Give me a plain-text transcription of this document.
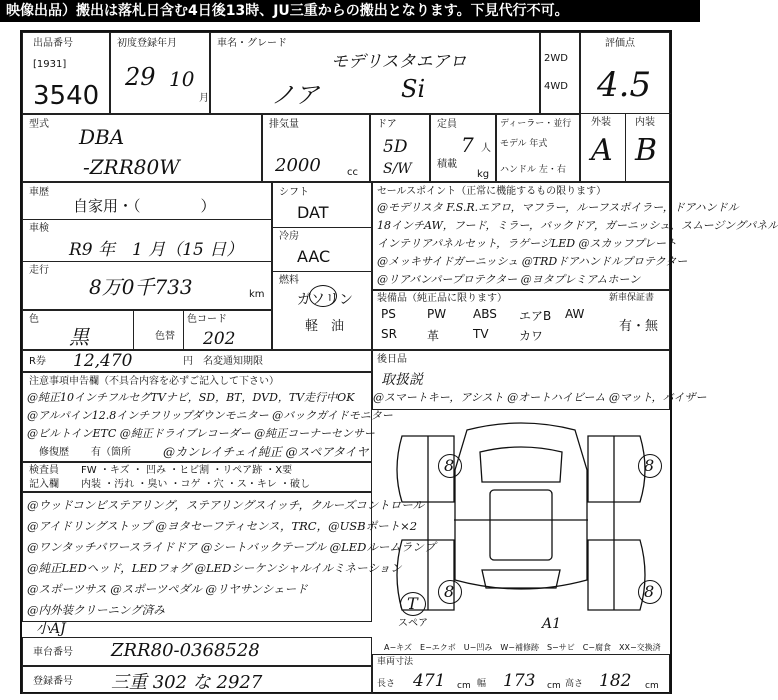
映像出品）搬出は落札日含む4日後13時、JU三重からの搬出となります。下見代行不可。
出品番号
[1931]
3540
初度登録年月
29 10
月
車名・グレード
モデリスタエアロ
ノア	Si
2WD
4WD
評価点
4.5
外装 内装
A B
型式
DBA
-ZRR80W
排気量
2000	cc
ドア
5D
S/W
定員
7 人
積載
kg
ディーラー・並行
モデル 年式
ハンドル 左・右
車歴
自家用・（　　　　）
車検
R9 年　1 月（15 日）
走行
8万0千733	km
色
黒	色替
色コード
202
シフト
DAT
冷房
AAC
燃料
ガソリン
軽　油
セールスポイント（正常に機能するもの限ります）
@モデリスタ F.S.R.エアロ，マフラー，ルーフスポイラー，ドアハンドル
18インチAW，フード，ミラー，バックドア，ガーニッシュ，スムージングパネル
インテリアパネルセット，ラゲージLED @スカッフプレート
@メッキサイドガーニッシュ @TRDドアハンドルプロテクター
@リアバンパープロテクター @ヨタプレミアムホーン
装備品（純正品に限ります）	新車保証書
有・無
PS	PW ABS エアB AW
SR	革	TV	カワ
R券 12,470	円 名変通知期限
注意事項申告欄（不具合内容を必ずご記入して下さい）
@純正10インチフルセグTVナビ，SD，BT，DVD，TV走行中OK
@アルパイン12.8インチフリップダウンモニター @バックガイドモニター
@ビルトインETC @純正ドライブレコーダー @純正コーナーセンサー
修復歴 有（箇所	@カンレイチェイ純正 @スペアタイヤ
後日品
取扱説
@スマートキー，アシスト @オートハイビーム @マット，バイザー
検査員
記入欄
FW ・キズ ・ 凹み ・ヒビ割 ・リペア跡 ・X要
内装 ・汚れ ・臭い ・コゲ ・穴 ・ス・キレ ・破し
@ウッドコンビステアリング，ステアリングスイッチ，クルーズコントロール
@アイドリングストップ @ヨタセーフティセンス，TRC，@USBポート×2
@ワンタッチパワースライドドア @シートバックテーブル @LEDルームランプ
@純正LEDヘッド，LEDフォグ @LEDシーケンシャルイルミネーション
@スポーツサス @スポーツペダル @リヤサンシェード
@内外装クリーニング済み
小AJ
8	8
8	8
T
スペア	A1
A−キズ　E−エクボ　U−凹み　W−補修跡　S−サビ　C−腐食　XX−交換済
車台番号 ZRR80-0368528
登録番号 三重 302 な 2927
車両寸法
長さ 471 cm 幅 173 cm 高さ 182 cm
